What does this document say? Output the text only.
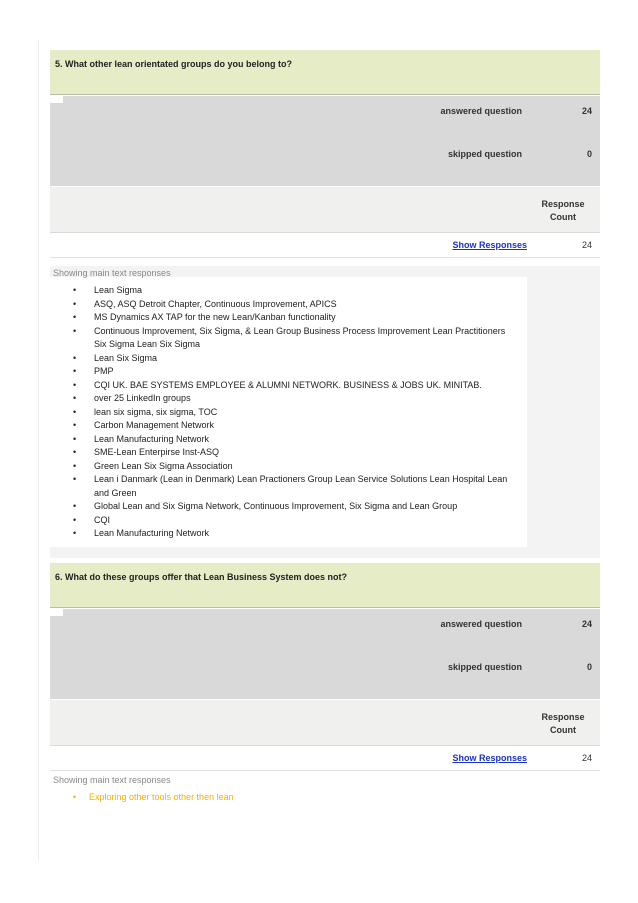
5. What other lean orientated groups do you belong to?
answered question	24
skipped question	0
Response Count
Show Responses	24
Showing main text responses
• Lean Sigma
• ASQ, ASQ Detroit Chapter, Continuous Improvement, APICS
• MS Dynamics AX TAP for the new Lean/Kanban functionality
• Continuous Improvement, Six Sigma, & Lean Group Business Process Improvement Lean Practitioners Six Sigma Lean Six Sigma
• Lean Six Sigma
• PMP
• CQI UK. BAE SYSTEMS EMPLOYEE & ALUMNI NETWORK. BUSINESS & JOBS UK. MINITAB.
• over 25 LinkedIn groups
• lean six sigma, six sigma, TOC
• Carbon Management Network
• Lean Manufacturing Network
• SME-Lean Enterpirse Inst-ASQ
• Green Lean Six Sigma Association
• Lean i Danmark (Lean in Denmark) Lean Practioners Group Lean Service Solutions Lean Hospital Lean and Green
• Global Lean and Six Sigma Network, Continuous Improvement, Six Sigma and Lean Group
• CQI
• Lean Manufacturing Network
6. What do these groups offer that Lean Business System does not?
answered question	24
skipped question	0
Response Count
Show Responses	24
Showing main text responses
• Exploring other tools other then lean
